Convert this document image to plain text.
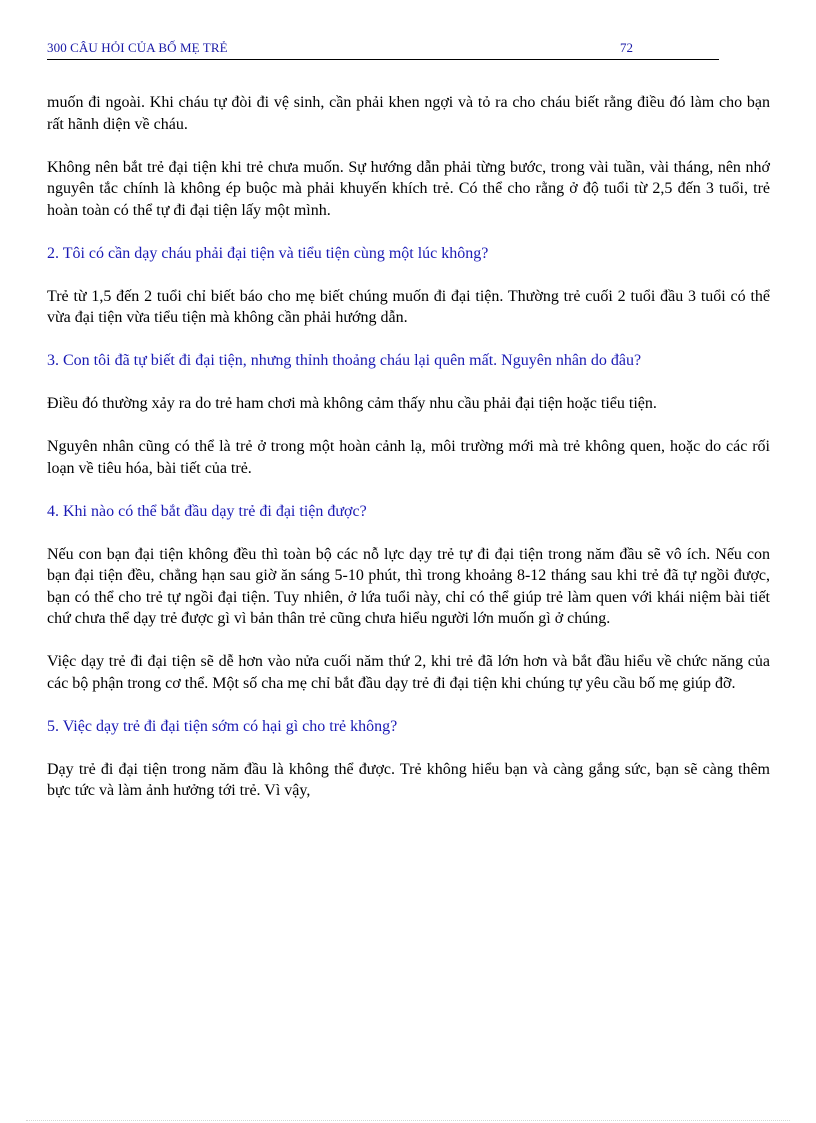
300 CÂU HỎI CỦA BỐ MẸ TRẺ	72

muốn đi ngoài. Khi cháu tự đòi đi vệ sinh, cần phải khen ngợi và tỏ ra cho cháu biết rằng điều đó làm cho bạn rất hãnh diện về cháu.

Không nên bắt trẻ đại tiện khi trẻ chưa muốn. Sự hướng dẫn phải từng bước, trong vài tuần, vài tháng, nên nhớ nguyên tắc chính là không ép buộc mà phải khuyến khích trẻ. Có thể cho rằng ở độ tuổi từ 2,5 đến 3 tuổi, trẻ hoàn toàn có thể tự đi đại tiện lấy một mình.

2. Tôi có cần dạy cháu phải đại tiện và tiểu tiện cùng một lúc không?

Trẻ từ 1,5 đến 2 tuổi chỉ biết báo cho mẹ biết chúng muốn đi đại tiện. Thường trẻ cuối 2 tuổi đầu 3 tuổi có thể vừa đại tiện vừa tiểu tiện mà không cần phải hướng dẫn.

3. Con tôi đã tự biết đi đại tiện, nhưng thỉnh thoảng cháu lại quên mất. Nguyên nhân do đâu?

Điều đó thường xảy ra do trẻ ham chơi mà không cảm thấy nhu cầu phải đại tiện hoặc tiểu tiện.

Nguyên nhân cũng có thể là trẻ ở trong một hoàn cảnh lạ, môi trường mới mà trẻ không quen, hoặc do các rối loạn về tiêu hóa, bài tiết của trẻ.

4. Khi nào có thể bắt đầu dạy trẻ đi đại tiện được?

Nếu con bạn đại tiện không đều thì toàn bộ các nỗ lực dạy trẻ tự đi đại tiện trong năm đầu sẽ vô ích. Nếu con bạn đại tiện đều, chẳng hạn sau giờ ăn sáng 5-10 phút, thì trong khoảng 8-12 tháng sau khi trẻ đã tự ngồi được, bạn có thể cho trẻ tự ngồi đại tiện. Tuy nhiên, ở lứa tuổi này, chỉ có thể giúp trẻ làm quen với khái niệm bài tiết chứ chưa thể dạy trẻ được gì vì bản thân trẻ cũng chưa hiểu người lớn muốn gì ở chúng.

Việc dạy trẻ đi đại tiện sẽ dễ hơn vào nửa cuối năm thứ 2, khi trẻ đã lớn hơn và bắt đầu hiểu về chức năng của các bộ phận trong cơ thể. Một số cha mẹ chỉ bắt đầu dạy trẻ đi đại tiện khi chúng tự yêu cầu bố mẹ giúp đỡ.

5. Việc dạy trẻ đi đại tiện sớm có hại gì cho trẻ không?

Dạy trẻ đi đại tiện trong năm đầu là không thể được. Trẻ không hiểu bạn và càng gắng sức, bạn sẽ càng thêm bực tức và làm ảnh hưởng tới trẻ. Vì vậy,
